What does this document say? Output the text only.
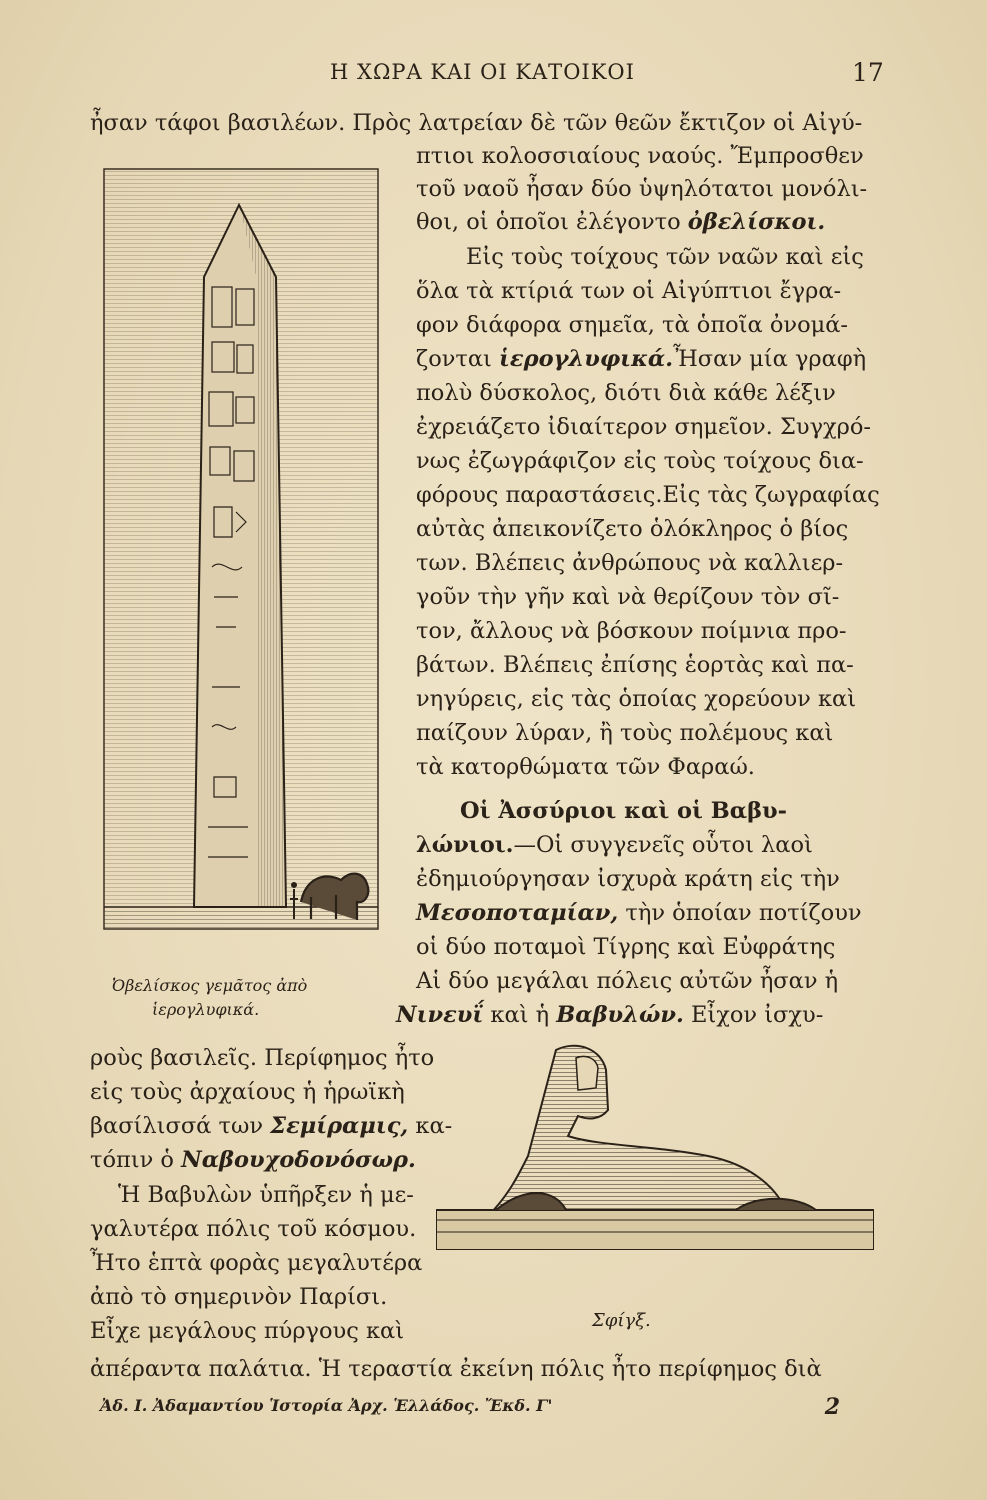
Η ΧΩΡΑ ΚΑΙ ΟΙ ΚΑΤΟΙΚΟΙ	17
Ὀβελίσκος γεμᾶτος ἀπὸ
ἱερογλυφικά.
ἦσαν τάφοι βασιλέων. Πρὸς λατρείαν δὲ τῶν θεῶν ἔκτιζον οἱ Αἰγύ-
πτιοι κολοσσιαίους ναούς. Ἔμπροσθεν
τοῦ ναοῦ ἦσαν δύο ὑψηλότατοι μονόλι-
θοι, οἱ ὁποῖοι ἐλέγοντο ὀβελίσκοι.
Εἰς τοὺς τοίχους τῶν ναῶν καὶ εἰς
ὅλα τὰ κτίριά των οἱ Αἰγύπτιοι ἔγρα-
φον διάφορα σημεῖα, τὰ ὁποῖα ὀνομά-
ζονται ἱερογλυφικά.Ἦσαν μία γραφὴ
πολὺ δύσκολος, διότι διὰ κάθε λέξιν
ἐχρειάζετο ἰδιαίτερον σημεῖον. Συγχρό-
νως ἐζωγράφιζον εἰς τοὺς τοίχους δια-
φόρους παραστάσεις.Εἰς τὰς ζωγραφίας
αὐτὰς ἀπεικονίζετο ὁλόκληρος ὁ βίος
των. Βλέπεις ἀνθρώπους νὰ καλλιερ-
γοῦν τὴν γῆν καὶ νὰ θερίζουν τὸν σῖ-
τον, ἄλλους νὰ βόσκουν ποίμνια προ-
βάτων. Βλέπεις ἐπίσης ἑορτὰς καὶ πα-
νηγύρεις, εἰς τὰς ὁποίας χορεύουν καὶ
παίζουν λύραν, ἢ τοὺς πολέμους καὶ
τὰ κατορθώματα τῶν Φαραώ.
Οἱ Ἀσσύριοι καὶ οἱ Βαβυ-
λώνιοι.—Οἱ συγγενεῖς οὗτοι λαοὶ
ἐδημιούργησαν ἰσχυρὰ κράτη εἰς τὴν
Μεσοποταμίαν, τὴν ὁποίαν ποτίζουν
οἱ δύο ποταμοὶ Τίγρης καὶ Εὐφράτης
Αἱ δύο μεγάλαι πόλεις αὐτῶν ἦσαν ἡ
Νινευΐ καὶ ἡ Βαβυλών. Εἶχον ἰσχυ-
ροὺς βασιλεῖς. Περίφημος ἦτο
εἰς τοὺς ἀρχαίους ἡ ἡρωϊκὴ
βασίλισσά των Σεμίραμις, κα-
τόπιν ὁ Ναβουχοδονόσωρ.
Ἡ Βαβυλὼν ὑπῆρξεν ἡ με-
γαλυτέρα πόλις τοῦ κόσμου.
Ἦτο ἑπτὰ φορὰς μεγαλυτέρα
ἀπὸ τὸ σημερινὸν Παρίσι.
Εἶχε μεγάλους πύργους καὶ	Σφίγξ.
ἀπέραντα παλάτια. Ἡ τεραστία ἐκείνη πόλις ἦτο περίφημος διὰ
Ἀδ. Ι. Ἀδαμαντίου Ἱστορία Ἀρχ. Ἑλλάδος. Ἔκδ. Γ'	2
